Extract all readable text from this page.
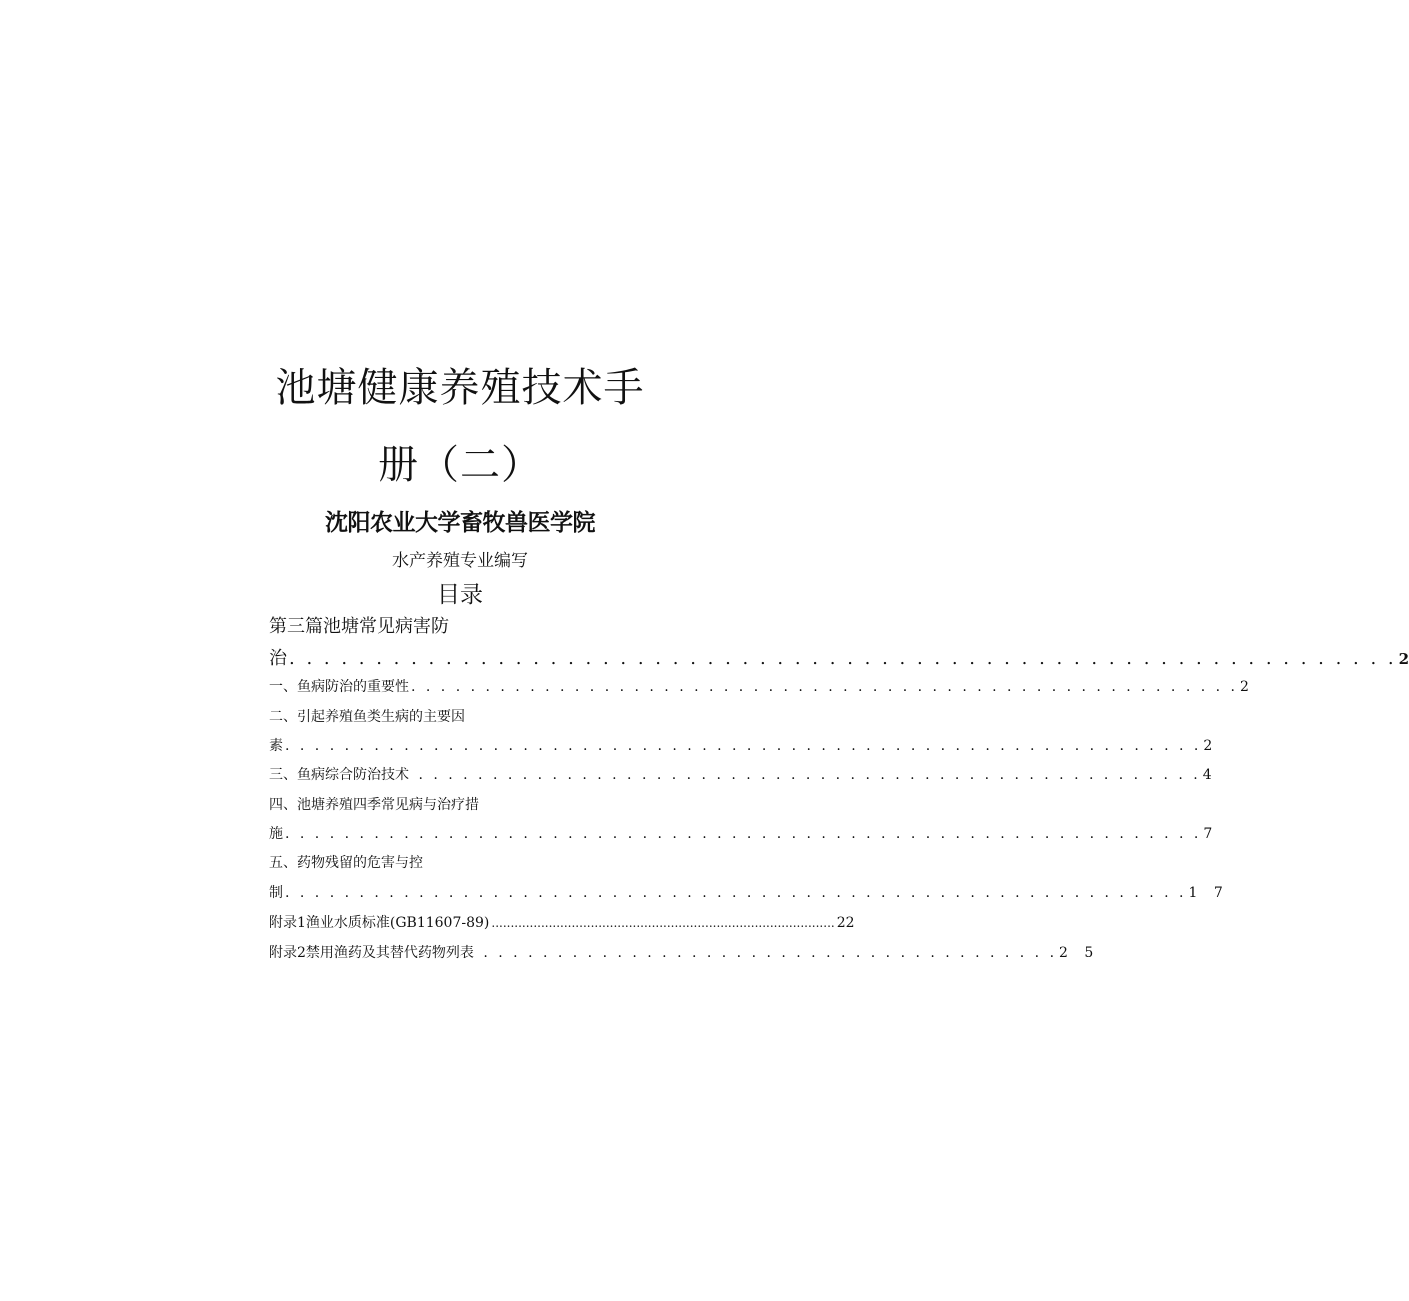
池塘健康养殖技术手
册（二）
沈阳农业大学畜牧兽医学院
水产养殖专业编写
目录
第三篇池塘常见病害防
治 . . . . . . . . . . . . . . . . . . . . . . . . . . . . . . . . . . . . . . . . . . . . . . . . . . . . . . . . . . . . . . . . 2
一、鱼病防治的重要性 . . . . . . . . . . . . . . . . . . . . . . . . . . . . . . . . . . . . . . . . . . . . . . . . . . . . . . . . 2
二、引起养殖鱼类生病的主要因
素 . . . . . . . . . . . . . . . . . . . . . . . . . . . . . . . . . . . . . . . . . . . . . . . . . . . . . . . . . . . . . . 2
三、鱼病综合防治技术 . . . . . . . . . . . . . . . . . . . . . . . . . . . . . . . . . . . . . . . . . . . . . . . . . . . . . 4
四、池塘养殖四季常见病与治疗措
施 . . . . . . . . . . . . . . . . . . . . . . . . . . . . . . . . . . . . . . . . . . . . . . . . . . . . . . . . . . . . . . 7
五、药物残留的危害与控
制 . . . . . . . . . . . . . . . . . . . . . . . . . . . . . . . . . . . . . . . . . . . . . . . . . . . . . . . . . . . . . 1 7
附录1渔业水质标准(GB11607-89) .......................................................................................... 22
附录2禁用渔药及其替代药物列表 . . . . . . . . . . . . . . . . . . . . . . . . . . . . . . . . . . . . . . . 2 5
